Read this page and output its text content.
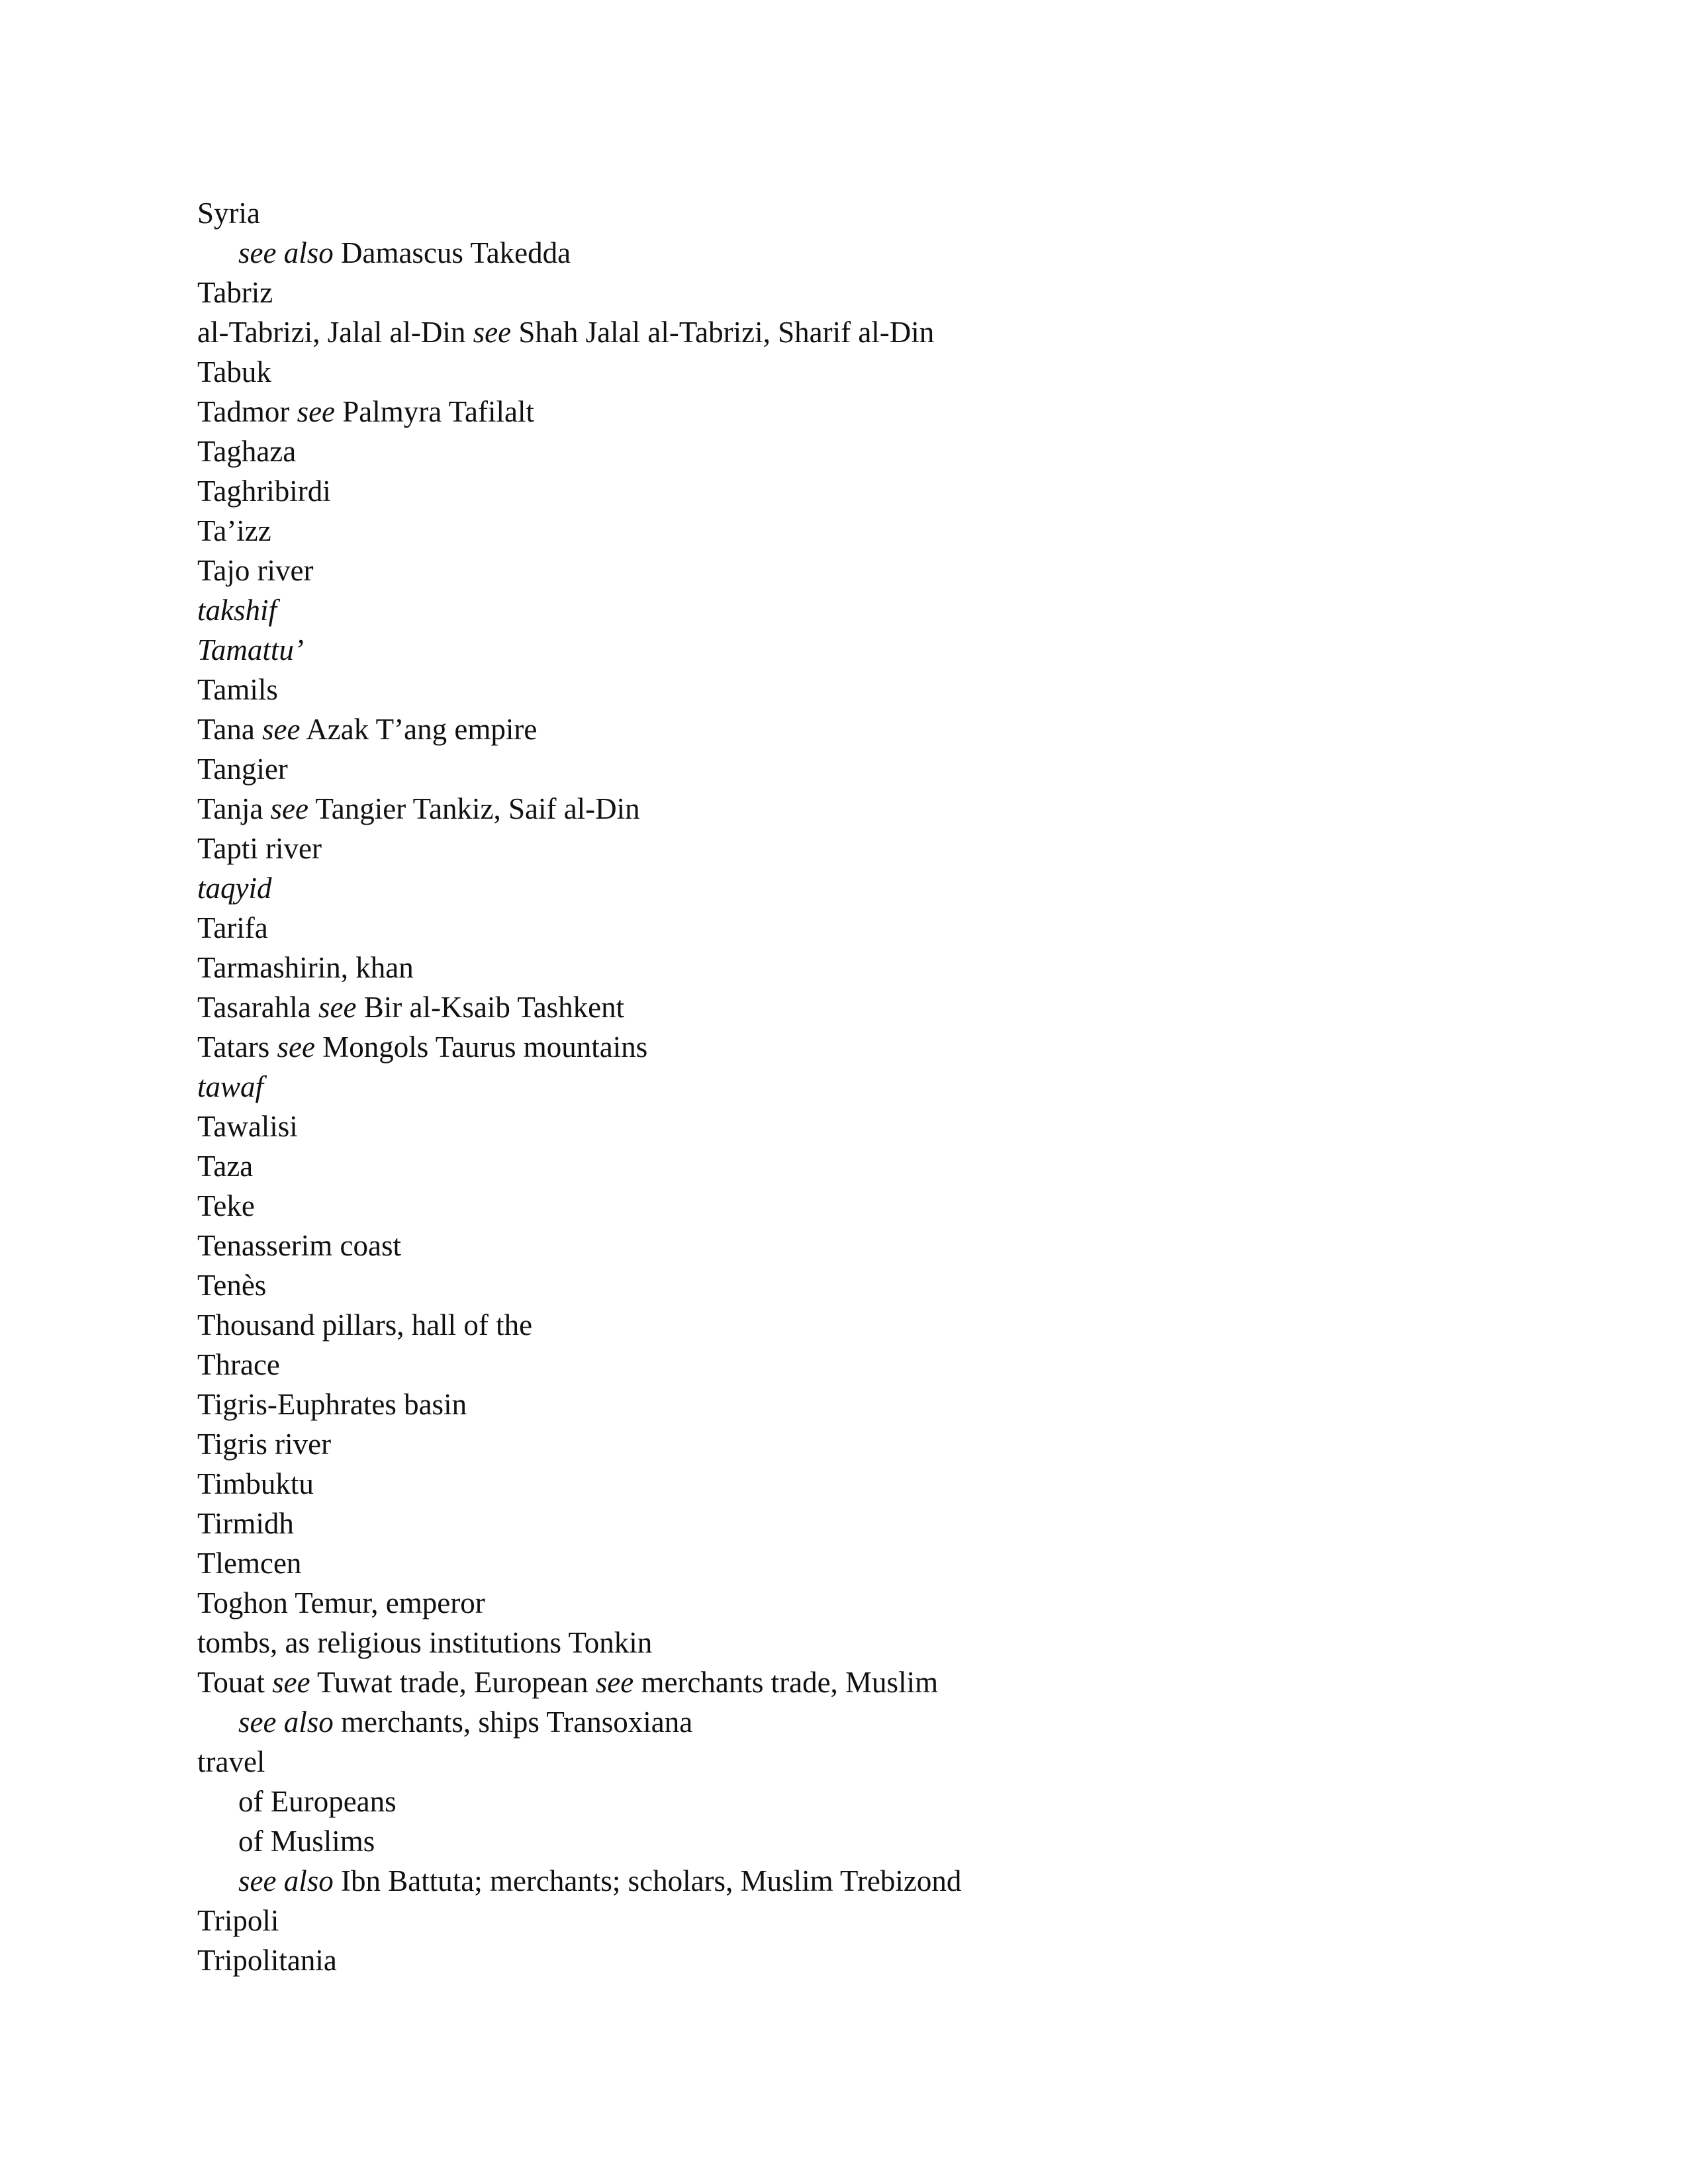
Syria
see also Damascus Takedda
Tabriz
al-Tabrizi, Jalal al-Din see Shah Jalal al-Tabrizi, Sharif al-Din
Tabuk
Tadmor see Palmyra Tafilalt
Taghaza
Taghribirdi
Ta’izz
Tajo river
takshif
Tamattu’
Tamils
Tana see Azak T’ang empire
Tangier
Tanja see Tangier Tankiz, Saif al-Din
Tapti river
taqyid
Tarifa
Tarmashirin, khan
Tasarahla see Bir al-Ksaib Tashkent
Tatars see Mongols Taurus mountains
tawaf
Tawalisi
Taza
Teke
Tenasserim coast
Tenès
Thousand pillars, hall of the
Thrace
Tigris-Euphrates basin
Tigris river
Timbuktu
Tirmidh
Tlemcen
Toghon Temur, emperor
tombs, as religious institutions Tonkin
Touat see Tuwat trade, European see merchants trade, Muslim
see also merchants, ships Transoxiana
travel
of Europeans
of Muslims
see also Ibn Battuta; merchants; scholars, Muslim Trebizond
Tripoli
Tripolitania
